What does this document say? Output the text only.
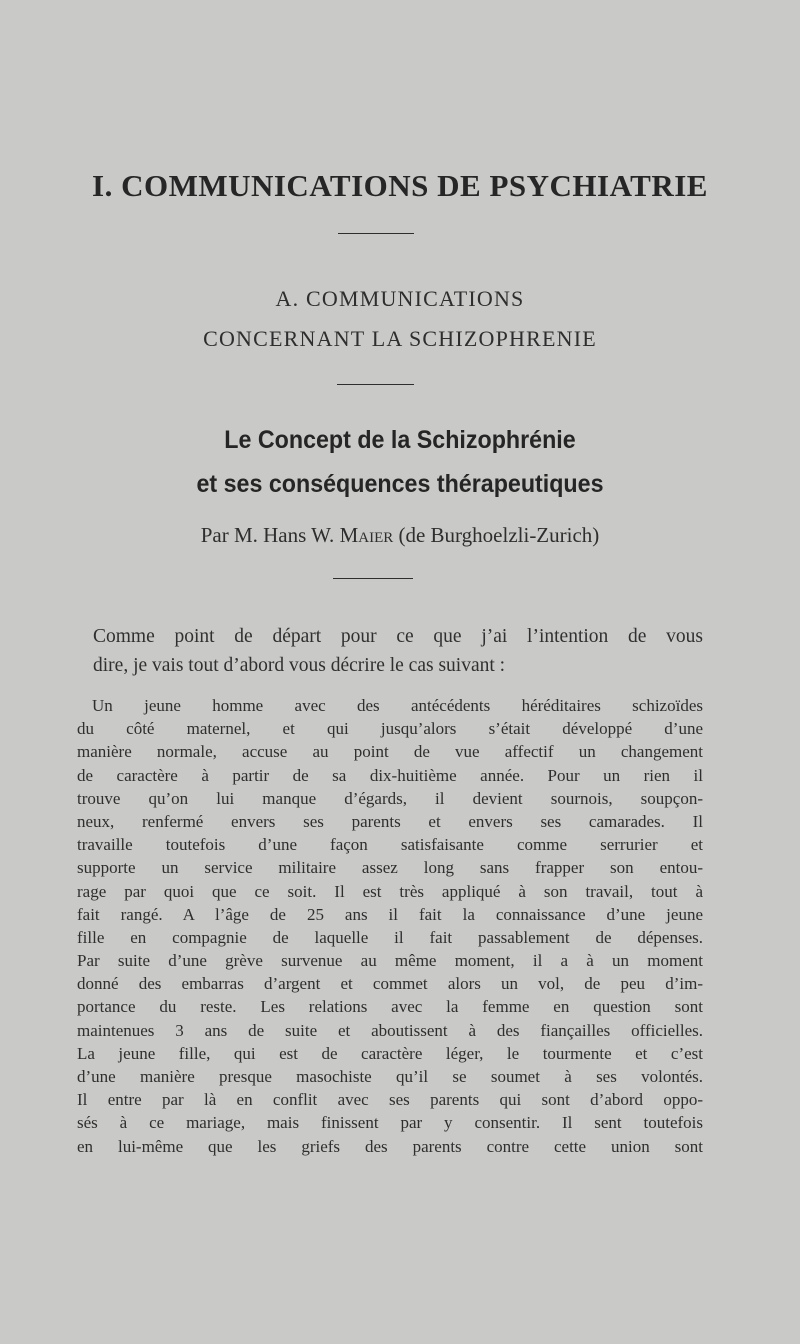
I. COMMUNICATIONS DE PSYCHIATRIE
A. COMMUNICATIONS
CONCERNANT LA SCHIZOPHRENIE
Le Concept de la Schizophrénie
et ses conséquences thérapeutiques
Par M. Hans W. Maier (de Burghoelzli-Zurich)
Comme point de départ pour ce que j’ai l’intention de vous
dire, je vais tout d’abord vous décrire le cas suivant :
Un jeune homme avec des antécédents héréditaires schizoïdes
du côté maternel, et qui jusqu’alors s’était développé d’une
manière normale, accuse au point de vue affectif un changement
de caractère à partir de sa dix-huitième année. Pour un rien il
trouve qu’on lui manque d’égards, il devient sournois, soupçon-
neux, renfermé envers ses parents et envers ses camarades. Il
travaille toutefois d’une façon satisfaisante comme serrurier et
supporte un service militaire assez long sans frapper son entou-
rage par quoi que ce soit. Il est très appliqué à son travail, tout à
fait rangé. A l’âge de 25 ans il fait la connaissance d’une jeune
fille en compagnie de laquelle il fait passablement de dépenses.
Par suite d’une grève survenue au même moment, il a à un moment
donné des embarras d’argent et commet alors un vol, de peu d’im-
portance du reste. Les relations avec la femme en question sont
maintenues 3 ans de suite et aboutissent à des fiançailles officielles.
La jeune fille, qui est de caractère léger, le tourmente et c’est
d’une manière presque masochiste qu’il se soumet à ses volontés.
Il entre par là en conflit avec ses parents qui sont d’abord oppo-
sés à ce mariage, mais finissent par y consentir. Il sent toutefois
en lui-même que les griefs des parents contre cette union sont
